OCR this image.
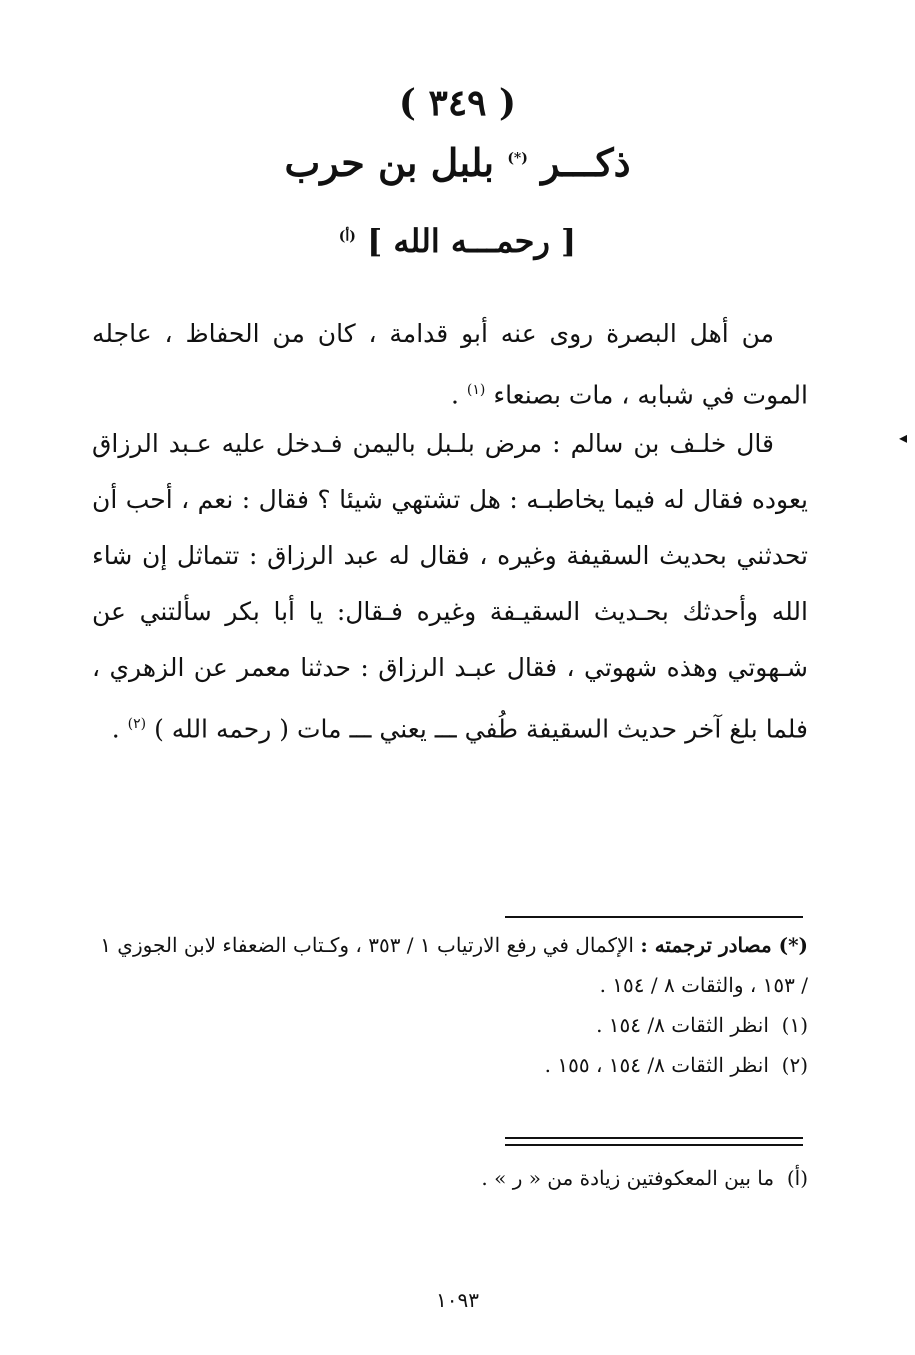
( ٣٤٩ )
ذكـــر (*) بلبل بن حرب
[ رحمـــه الله ] $^{(أ)}$

من أهل البصرة روى عنه أبو قدامة ، كان من الحفاظ ، عاجله الموت في شبابه ، مات بصنعاء $^{(١)}$ .

قال خلـف بن سالم : مرض بلـبل باليمن فـدخل عليه عـبد الرزاق يعوده فقال له فيما يخاطبـه : هل تشتهي شيئا ؟ فقال : نعم ، أحب أن تحدثني بحديث السقيفة وغيره ، فقال له عبد الرزاق : تتماثل إن شاء الله وأحدثك بحـديث السقيـفة وغيره فـقال: يا أبا بكر سألتني عن شـهوتي وهذه شهوتي ، فقال عبـد الرزاق : حدثنا معمر عن الزهري ، فلما بلغ آخر حديث السقيفة طُفي ـــ يعني ـــ مات ( رحمه الله ) $^{(٢)}$ .

◂

(*) مصادر ترجمته : الإكمال في رفع الارتياب ١ / ٣٥٣ ، وكـتاب الضعفاء لابن الجوزي ١ / ١٥٣ ، والثقات ٨ / ١٥٤ .

(١)  انظر الثقات ٨/ ١٥٤ .

(٢)  انظر الثقات ٨/ ١٥٤ ، ١٥٥ .

(أ)  ما بين المعكوفتين زيادة من « ر » .

١٠٩٣
